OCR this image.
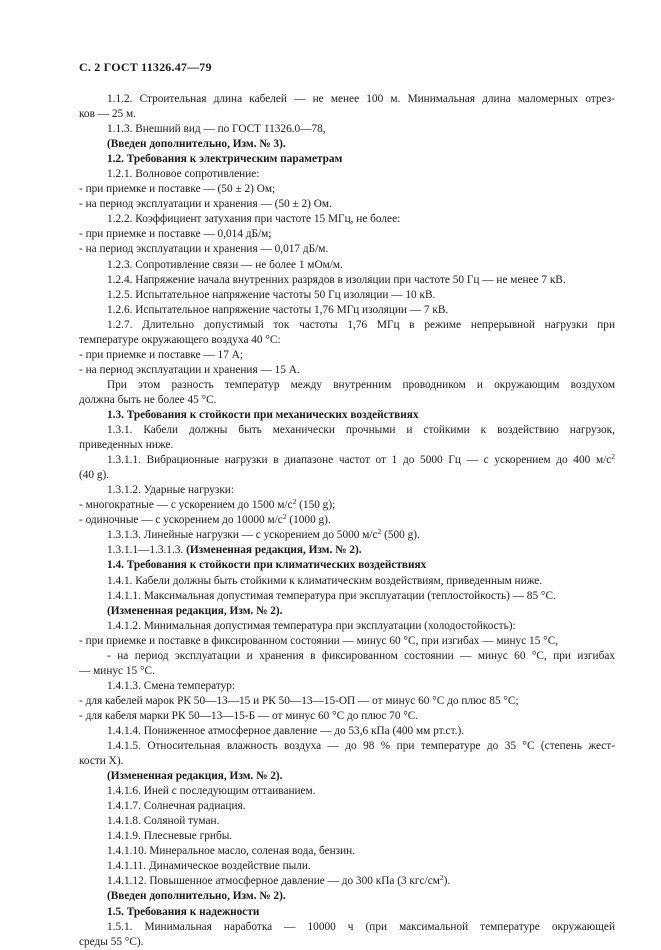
С. 2 ГОСТ 11326.47—79
1.1.2. Строительная длина кабелей — не менее 100 м. Минимальная длина маломерных отрез-
ков — 25 м.
1.1.3. Внешний вид — по ГОСТ 11326.0—78,
(Введен дополнительно, Изм. № 3).
1.2. Требования к электрическим параметрам
1.2.1. Волновое сопротивление:
- при приемке и поставке — (50 ± 2) Ом;
- на период эксплуатации и хранения — (50 ± 2) Ом.
1.2.2. Коэффициент затухания при частоте 15 МГц, не более:
- при приемке и поставке — 0,014 дБ/м;
- на период эксплуатации и хранения — 0,017 дБ/м.
1.2.3. Сопротивление связи — не более 1 мОм/м.
1.2.4. Напряжение начала внутренних разрядов в изоляции при частоте 50 Гц — не менее 7 кВ.
1.2.5. Испытательное напряжение частоты 50 Гц изоляции — 10 кВ.
1.2.6. Испытательное напряжение частоты 1,76 МГц изоляции — 7 кВ.
1.2.7. Длительно допустимый ток частоты 1,76 МГц в режиме непрерывной нагрузки при
температуре окружающего воздуха 40 °С:
- при приемке и поставке — 17 А;
- на период эксплуатации и хранения — 15 А.
При этом разность температур между внутренним проводником и окружающим воздухом
должна быть не более 45 °С.
1.3. Требования к стойкости при механических воздействиях
1.3.1. Кабели должны быть механически прочными и стойкими к воздействию нагрузок,
приведенных ниже.
1.3.1.1. Вибрационные нагрузки в диапазоне частот от 1 до 5000 Гц — с ускорением до 400 $м/с^2$
(40 g).
1.3.1.2. Ударные нагрузки:
- многократные — с ускорением до 1500 $м/с^2$ (150 g);
- одиночные — с ускорением до 10000 $м/с^2$ (1000 g).
1.3.1.3. Линейные нагрузки — с ускорением до 5000 $м/с^2$ (500 g).
1.3.1.1—1.3.1.3. (Измененная редакция, Изм. № 2).
1.4. Требования к стойкости при климатических воздействиях
1.4.1. Кабели должны быть стойкими к климатическим воздействиям, приведенным ниже.
1.4.1.1. Максимальная допустимая температура при эксплуатации (теплостойкость) — 85 °С.
(Измененная редакция, Изм. № 2).
1.4.1.2. Минимальная допустимая температура при эксплуатации (холодостойкость):
- при приемке и поставке в фиксированном состоянии — минус 60 °С, при изгибах — минус 15 °С,
- на период эксплуатации и хранения в фиксированном состоянии — минус 60 °С, при изгибах
— минус 15 °С.
1.4.1.3. Смена температур:
- для кабелей марок РК 50—13—15 и РК 50—13—15-ОП — от минус 60 °С до плюс 85 °С;
- для кабеля марки РК 50—13—15-Б — от минус 60 °С до плюс 70 °С.
1.4.1.4. Пониженное атмосферное давление — до 53,6 кПа (400 мм рт.ст.).
1.4.1.5. Относительная влажность воздуха — до 98 % при температуре до 35 °С (степень жест-
кости X).
(Измененная редакция, Изм. № 2).
1.4.1.6. Иней с последующим оттаиванием.
1.4.1.7. Солнечная радиация.
1.4.1.8. Соляной туман.
1.4.1.9. Плесневые грибы.
1.4.1.10. Минеральное масло, соленая вода, бензин.
1.4.1.11. Динамическое воздействие пыли.
1.4.1.12. Повышенное атмосферное давление — до 300 кПа (3 кгс/$см^2$).
(Введен дополнительно, Изм. № 2).
1.5. Требования к надежности
1.5.1. Минимальная наработка — 10000 ч (при максимальной температуре окружающей
среды 55 °С).
